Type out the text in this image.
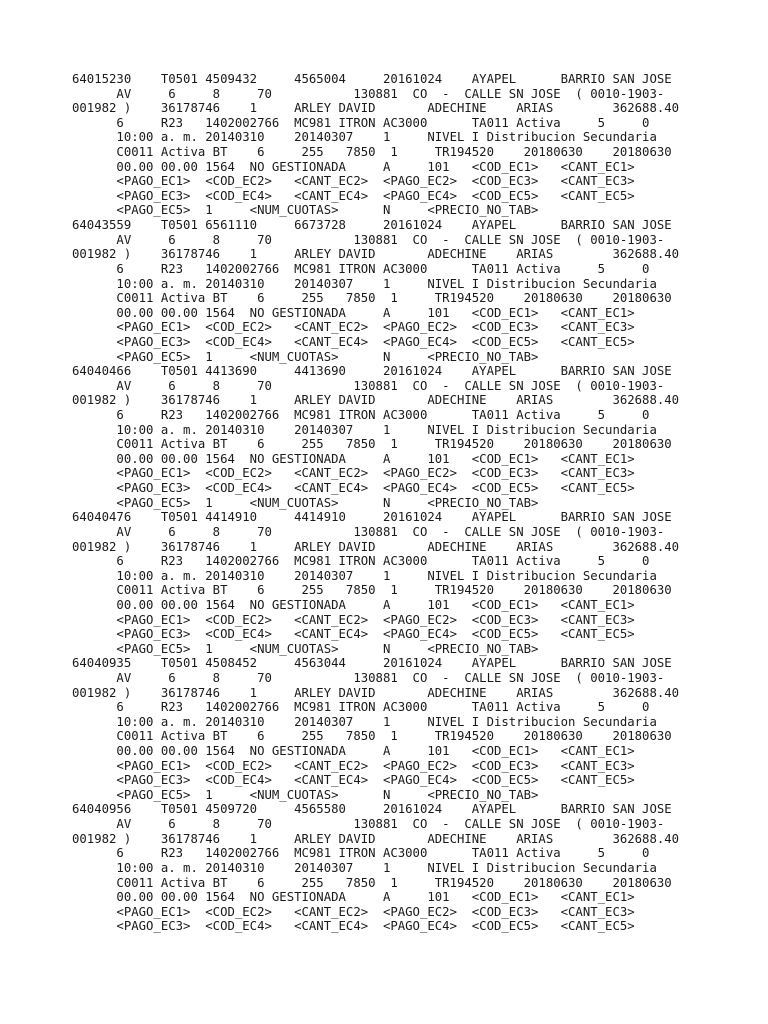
64015230    T0501 4509432     4565004     20161024    AYAPEL      BARRIO SAN JOSE
AV     6     8     70           130881  CO  -  CALLE SN JOSE  ( 0010-1903-
001982 )    36178746    1     ARLEY DAVID       ADECHINE    ARIAS        362688.40
6     R23   1402002766  MC981 ITRON AC3000      TA011 Activa     5     0
10:00 a. m. 20140310    20140307    1     NIVEL I Distribucion Secundaria
C0011 Activa BT    6     255   7850  1     TR194520    20180630    20180630
00.00 00.00 1564  NO GESTIONADA     A     101   <COD_EC1>   <CANT_EC1>
<PAGO_EC1>  <COD_EC2>   <CANT_EC2>  <PAGO_EC2>  <COD_EC3>   <CANT_EC3>
<PAGO_EC3>  <COD_EC4>   <CANT_EC4>  <PAGO_EC4>  <COD_EC5>   <CANT_EC5>
<PAGO_EC5>  1     <NUM_CUOTAS>      N     <PRECIO_NO_TAB>
64043559    T0501 6561110     6673728     20161024    AYAPEL      BARRIO SAN JOSE
AV     6     8     70           130881  CO  -  CALLE SN JOSE  ( 0010-1903-
001982 )    36178746    1     ARLEY DAVID       ADECHINE    ARIAS        362688.40
6     R23   1402002766  MC981 ITRON AC3000      TA011 Activa     5     0
10:00 a. m. 20140310    20140307    1     NIVEL I Distribucion Secundaria
C0011 Activa BT    6     255   7850  1     TR194520    20180630    20180630
00.00 00.00 1564  NO GESTIONADA     A     101   <COD_EC1>   <CANT_EC1>
<PAGO_EC1>  <COD_EC2>   <CANT_EC2>  <PAGO_EC2>  <COD_EC3>   <CANT_EC3>
<PAGO_EC3>  <COD_EC4>   <CANT_EC4>  <PAGO_EC4>  <COD_EC5>   <CANT_EC5>
<PAGO_EC5>  1     <NUM_CUOTAS>      N     <PRECIO_NO_TAB>
64040466    T0501 4413690     4413690     20161024    AYAPEL      BARRIO SAN JOSE
AV     6     8     70           130881  CO  -  CALLE SN JOSE  ( 0010-1903-
001982 )    36178746    1     ARLEY DAVID       ADECHINE    ARIAS        362688.40
6     R23   1402002766  MC981 ITRON AC3000      TA011 Activa     5     0
10:00 a. m. 20140310    20140307    1     NIVEL I Distribucion Secundaria
C0011 Activa BT    6     255   7850  1     TR194520    20180630    20180630
00.00 00.00 1564  NO GESTIONADA     A     101   <COD_EC1>   <CANT_EC1>
<PAGO_EC1>  <COD_EC2>   <CANT_EC2>  <PAGO_EC2>  <COD_EC3>   <CANT_EC3>
<PAGO_EC3>  <COD_EC4>   <CANT_EC4>  <PAGO_EC4>  <COD_EC5>   <CANT_EC5>
<PAGO_EC5>  1     <NUM_CUOTAS>      N     <PRECIO_NO_TAB>
64040476    T0501 4414910     4414910     20161024    AYAPEL      BARRIO SAN JOSE
AV     6     8     70           130881  CO  -  CALLE SN JOSE  ( 0010-1903-
001982 )    36178746    1     ARLEY DAVID       ADECHINE    ARIAS        362688.40
6     R23   1402002766  MC981 ITRON AC3000      TA011 Activa     5     0
10:00 a. m. 20140310    20140307    1     NIVEL I Distribucion Secundaria
C0011 Activa BT    6     255   7850  1     TR194520    20180630    20180630
00.00 00.00 1564  NO GESTIONADA     A     101   <COD_EC1>   <CANT_EC1>
<PAGO_EC1>  <COD_EC2>   <CANT_EC2>  <PAGO_EC2>  <COD_EC3>   <CANT_EC3>
<PAGO_EC3>  <COD_EC4>   <CANT_EC4>  <PAGO_EC4>  <COD_EC5>   <CANT_EC5>
<PAGO_EC5>  1     <NUM_CUOTAS>      N     <PRECIO_NO_TAB>
64040935    T0501 4508452     4563044     20161024    AYAPEL      BARRIO SAN JOSE
AV     6     8     70           130881  CO  -  CALLE SN JOSE  ( 0010-1903-
001982 )    36178746    1     ARLEY DAVID       ADECHINE    ARIAS        362688.40
6     R23   1402002766  MC981 ITRON AC3000      TA011 Activa     5     0
10:00 a. m. 20140310    20140307    1     NIVEL I Distribucion Secundaria
C0011 Activa BT    6     255   7850  1     TR194520    20180630    20180630
00.00 00.00 1564  NO GESTIONADA     A     101   <COD_EC1>   <CANT_EC1>
<PAGO_EC1>  <COD_EC2>   <CANT_EC2>  <PAGO_EC2>  <COD_EC3>   <CANT_EC3>
<PAGO_EC3>  <COD_EC4>   <CANT_EC4>  <PAGO_EC4>  <COD_EC5>   <CANT_EC5>
<PAGO_EC5>  1     <NUM_CUOTAS>      N     <PRECIO_NO_TAB>
64040956    T0501 4509720     4565580     20161024    AYAPEL      BARRIO SAN JOSE
AV     6     8     70           130881  CO  -  CALLE SN JOSE  ( 0010-1903-
001982 )    36178746    1     ARLEY DAVID       ADECHINE    ARIAS        362688.40
6     R23   1402002766  MC981 ITRON AC3000      TA011 Activa     5     0
10:00 a. m. 20140310    20140307    1     NIVEL I Distribucion Secundaria
C0011 Activa BT    6     255   7850  1     TR194520    20180630    20180630
00.00 00.00 1564  NO GESTIONADA     A     101   <COD_EC1>   <CANT_EC1>
<PAGO_EC1>  <COD_EC2>   <CANT_EC2>  <PAGO_EC2>  <COD_EC3>   <CANT_EC3>
<PAGO_EC3>  <COD_EC4>   <CANT_EC4>  <PAGO_EC4>  <COD_EC5>   <CANT_EC5>
